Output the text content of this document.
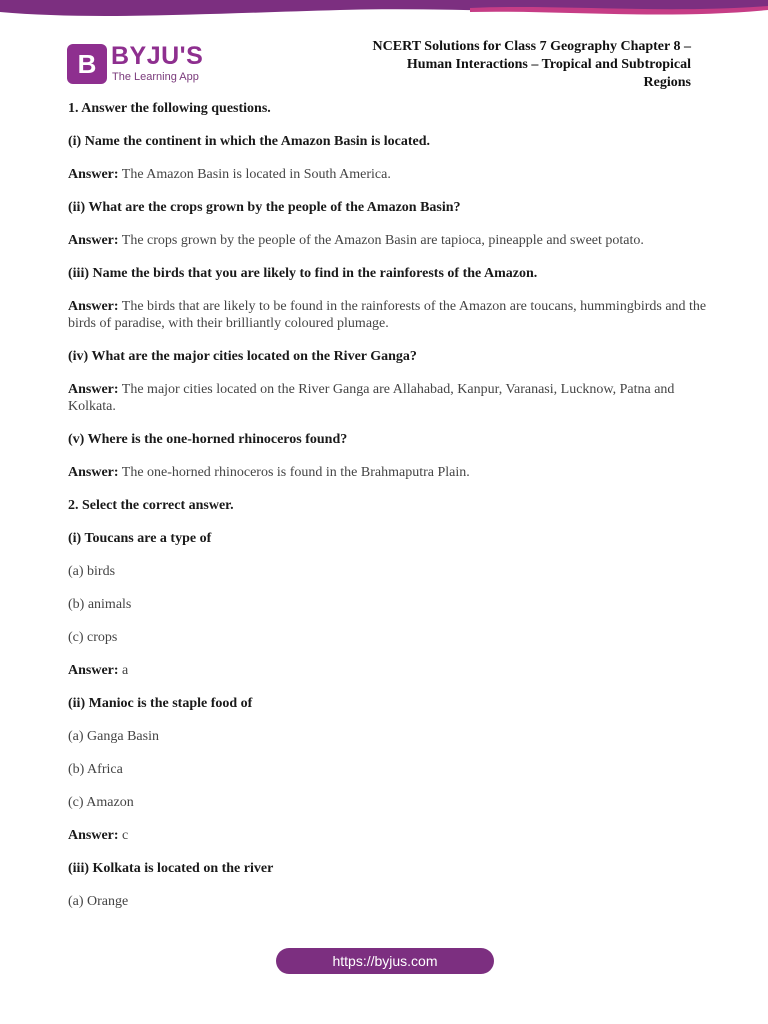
B BYJU'S
The Learning App
NCERT Solutions for Class 7 Geography Chapter 8 –
Human Interactions – Tropical and Subtropical
Regions
1. Answer the following questions.
(i) Name the continent in which the Amazon Basin is located.
Answer: The Amazon Basin is located in South America.
(ii) What are the crops grown by the people of the Amazon Basin?
Answer: The crops grown by the people of the Amazon Basin are tapioca, pineapple and sweet potato.
(iii) Name the birds that you are likely to find in the rainforests of the Amazon.
Answer: The birds that are likely to be found in the rainforests of the Amazon are toucans, hummingbirds and the birds of paradise, with their brilliantly coloured plumage.
(iv) What are the major cities located on the River Ganga?
Answer: The major cities located on the River Ganga are Allahabad, Kanpur, Varanasi, Lucknow, Patna and Kolkata.
(v) Where is the one-horned rhinoceros found?
Answer: The one-horned rhinoceros is found in the Brahmaputra Plain.
2. Select the correct answer.
(i) Toucans are a type of
(a) birds
(b) animals
(c) crops
Answer: a
(ii) Manioc is the staple food of
(a) Ganga Basin
(b) Africa
(c) Amazon
Answer: c
(iii) Kolkata is located on the river
(a) Orange
https://byjus.com
